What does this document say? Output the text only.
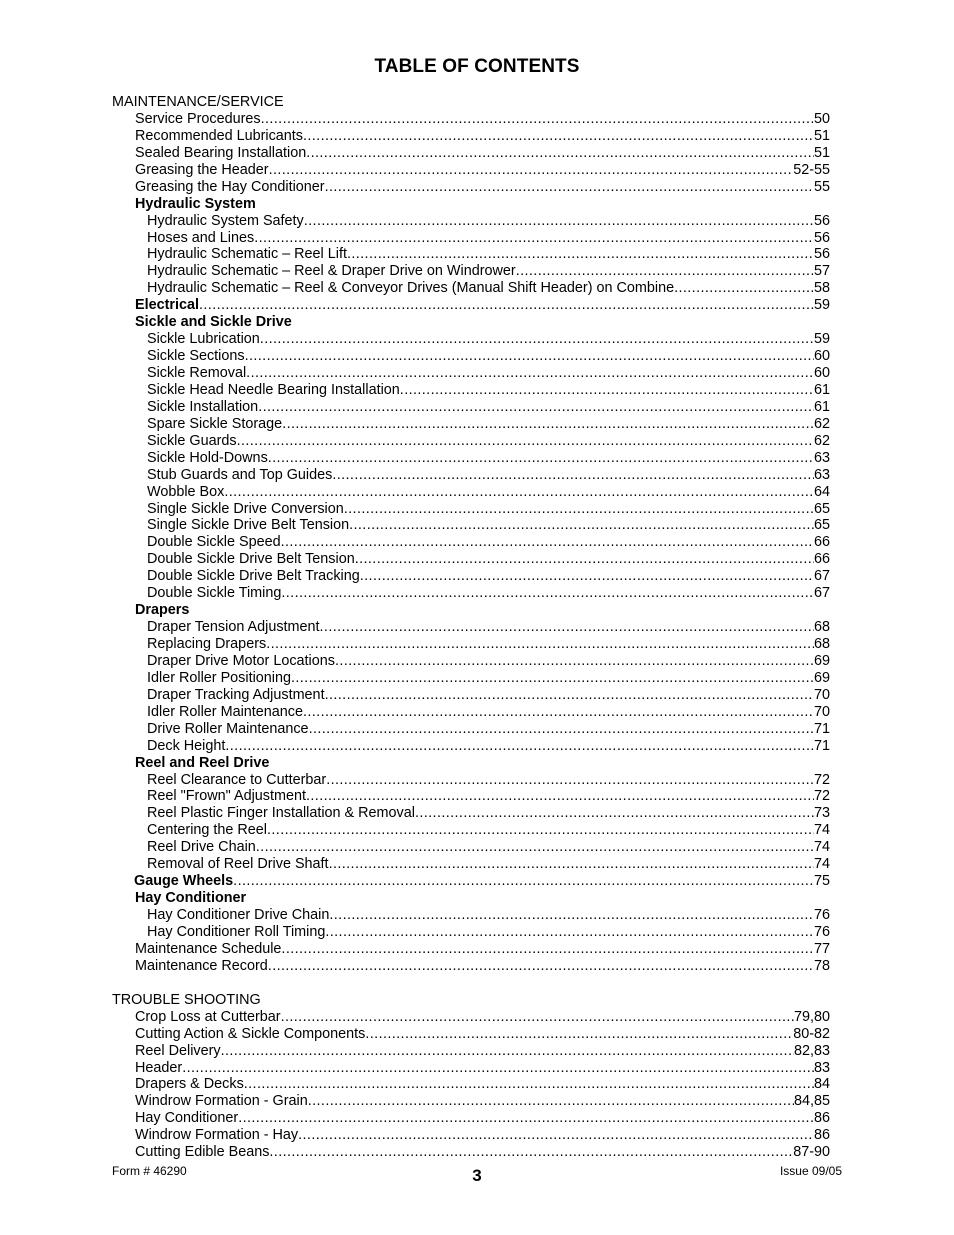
TABLE OF CONTENTS
MAINTENANCE/SERVICE
Service Procedures .....	50
Recommended Lubricants .....	51
Sealed Bearing Installation .....	51
Greasing the Header .....	52-55
Greasing the Hay Conditioner .....	55
Hydraulic System
Hydraulic System Safety .....	56
Hoses and Lines .....	56
Hydraulic Schematic – Reel Lift .....	56
Hydraulic Schematic – Reel & Draper Drive on Windrower .....	57
Hydraulic Schematic – Reel & Conveyor Drives (Manual Shift Header) on Combine .....	58
Electrical .....	59
Sickle and Sickle Drive
Sickle Lubrication .....	59
Sickle Sections .....	60
Sickle Removal .....	60
Sickle Head Needle Bearing Installation .....	61
Sickle Installation .....	61
Spare Sickle Storage .....	62
Sickle Guards .....	62
Sickle Hold-Downs .....	63
Stub Guards and Top Guides .....	63
Wobble Box .....	64
Single Sickle Drive Conversion .....	65
Single Sickle Drive Belt Tension .....	65
Double Sickle Speed .....	66
Double Sickle Drive Belt Tension .....	66
Double Sickle Drive Belt Tracking .....	67
Double Sickle Timing .....	67
Drapers
Draper Tension Adjustment .....	68
Replacing Drapers .....	68
Draper Drive Motor Locations .....	69
Idler Roller Positioning .....	69
Draper Tracking Adjustment .....	70
Idler Roller Maintenance .....	70
Drive Roller Maintenance .....	71
Deck Height .....	71
Reel and Reel Drive
Reel Clearance to Cutterbar .....	72
Reel "Frown" Adjustment .....	72
Reel Plastic Finger Installation & Removal .....	73
Centering the Reel .....	74
Reel Drive Chain .....	74
Removal of Reel Drive Shaft .....	74
Gauge Wheels .....	75
Hay Conditioner
Hay Conditioner Drive Chain .....	76
Hay Conditioner Roll Timing .....	76
Maintenance Schedule .....	77
Maintenance Record .....	78
TROUBLE SHOOTING
Crop Loss at Cutterbar .....	79,80
Cutting Action & Sickle Components .....	80-82
Reel Delivery .....	82,83
Header .....	83
Drapers & Decks .....	84
Windrow Formation - Grain .....	84,85
Hay Conditioner .....	86
Windrow Formation - Hay .....	86
Cutting Edible Beans .....	87-90
Form # 46290	3	Issue 09/05
